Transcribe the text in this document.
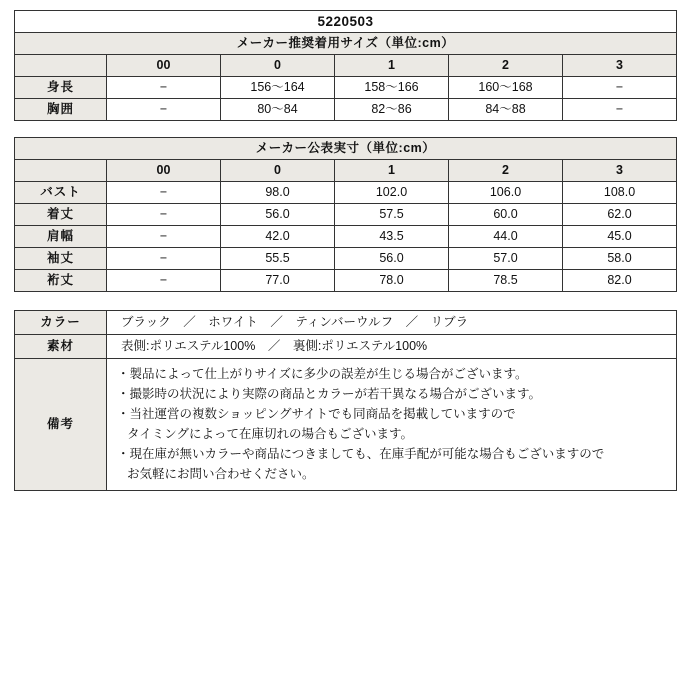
5220503					
メーカー推奨着用サイズ（単位:cm）					
	00	0	1	2	3
身長	−	156〜164	158〜166	160〜168	−
胸囲	−	80〜84	82〜86	84〜88	−
メーカー公表実寸（単位:cm）					
	00	0	1	2	3
バスト	−	98.0	102.0	106.0	108.0
着丈	−	56.0	57.5	60.0	62.0
肩幅	−	42.0	43.5	44.0	45.0
袖丈	−	55.5	56.0	57.0	58.0
裄丈	−	77.0	78.0	78.5	82.0
カラー	ブラック　／　ホワイト　／　ティンバーウルフ　／　リブラ
素材	表側:ポリエステル100%　／　裏側:ポリエステル100%
備考	
・製品によって仕上がりサイズに多少の誤差が生じる場合がございます。
・撮影時の状況により実際の商品とカラーが若干異なる場合がございます。
・当社運営の複数ショッピングサイトでも同商品を掲載していますので
タイミングによって在庫切れの場合もございます。
・現在庫が無いカラーや商品につきましても、在庫手配が可能な場合もございますので
お気軽にお問い合わせください。
